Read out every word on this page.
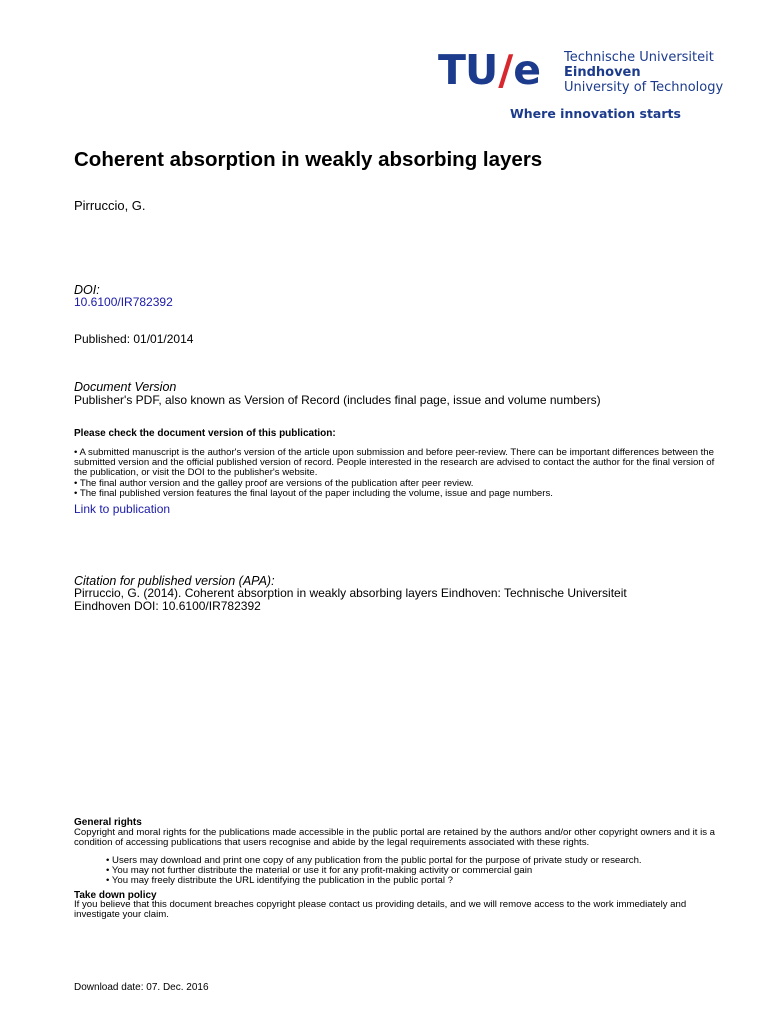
TU/e Technische Universiteit
Eindhoven
University of Technology
Where innovation starts
Coherent absorption in weakly absorbing layers
Pirruccio, G.
DOI:
10.6100/IR782392
Published: 01/01/2014
Document Version
Publisher's PDF, also known as Version of Record (includes final page, issue and volume numbers)
Please check the document version of this publication:
• A submitted manuscript is the author's version of the article upon submission and before peer-review. There can be important differences between the submitted version and the official published version of record. People interested in the research are advised to contact the author for the final version of the publication, or visit the DOI to the publisher's website.
• The final author version and the galley proof are versions of the publication after peer review.
• The final published version features the final layout of the paper including the volume, issue and page numbers.
Link to publication
Citation for published version (APA):
Pirruccio, G. (2014). Coherent absorption in weakly absorbing layers Eindhoven: Technische Universiteit Eindhoven DOI: 10.6100/IR782392
General rights
Copyright and moral rights for the publications made accessible in the public portal are retained by the authors and/or other copyright owners and it is a condition of accessing publications that users recognise and abide by the legal requirements associated with these rights.
• Users may download and print one copy of any publication from the public portal for the purpose of private study or research.
• You may not further distribute the material or use it for any profit-making activity or commercial gain
• You may freely distribute the URL identifying the publication in the public portal ?
Take down policy
If you believe that this document breaches copyright please contact us providing details, and we will remove access to the work immediately and investigate your claim.
Download date: 07. Dec. 2016
